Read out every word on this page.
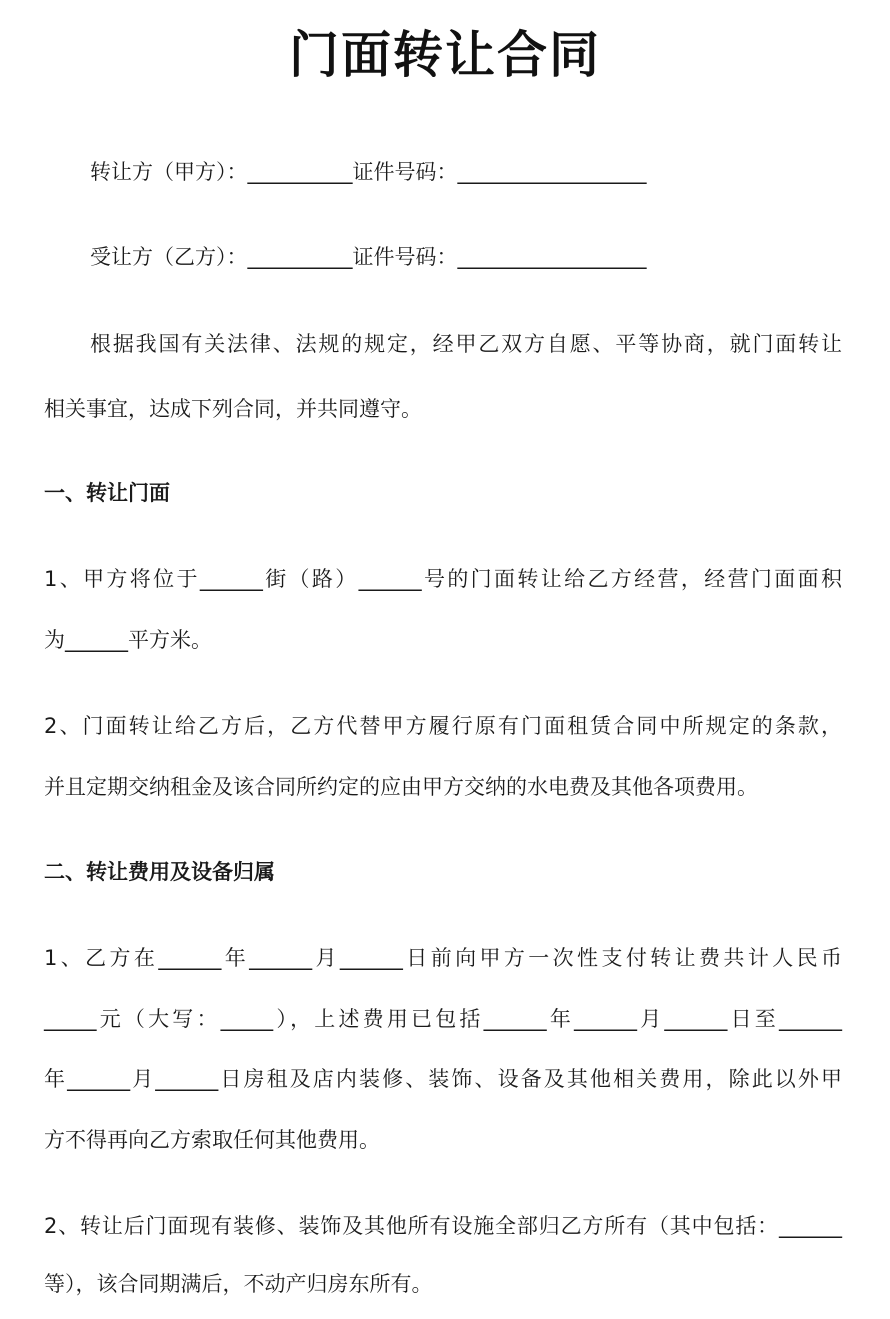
门面转让合同
转让方（甲方）：__________证件号码：__________________
受让方（乙方）：__________证件号码：__________________
根据我国有关法律、法规的规定，经甲乙双方自愿、平等协商，就门面转让
相关事宜，达成下列合同，并共同遵守。
一、转让门面
1、甲方将位于______街（路）______号的门面转让给乙方经营，经营门面面积
为______平方米。
2、门面转让给乙方后，乙方代替甲方履行原有门面租赁合同中所规定的条款，
并且定期交纳租金及该合同所约定的应由甲方交纳的水电费及其他各项费用。
二、转让费用及设备归属
1、乙方在______年______月______日前向甲方一次性支付转让费共计人民币
_____元（大写：_____），上述费用已包括______年______月______日至______
年______月______日房租及店内装修、装饰、设备及其他相关费用，除此以外甲
方不得再向乙方索取任何其他费用。
2、转让后门面现有装修、装饰及其他所有设施全部归乙方所有（其中包括：______
等），该合同期满后，不动产归房东所有。
